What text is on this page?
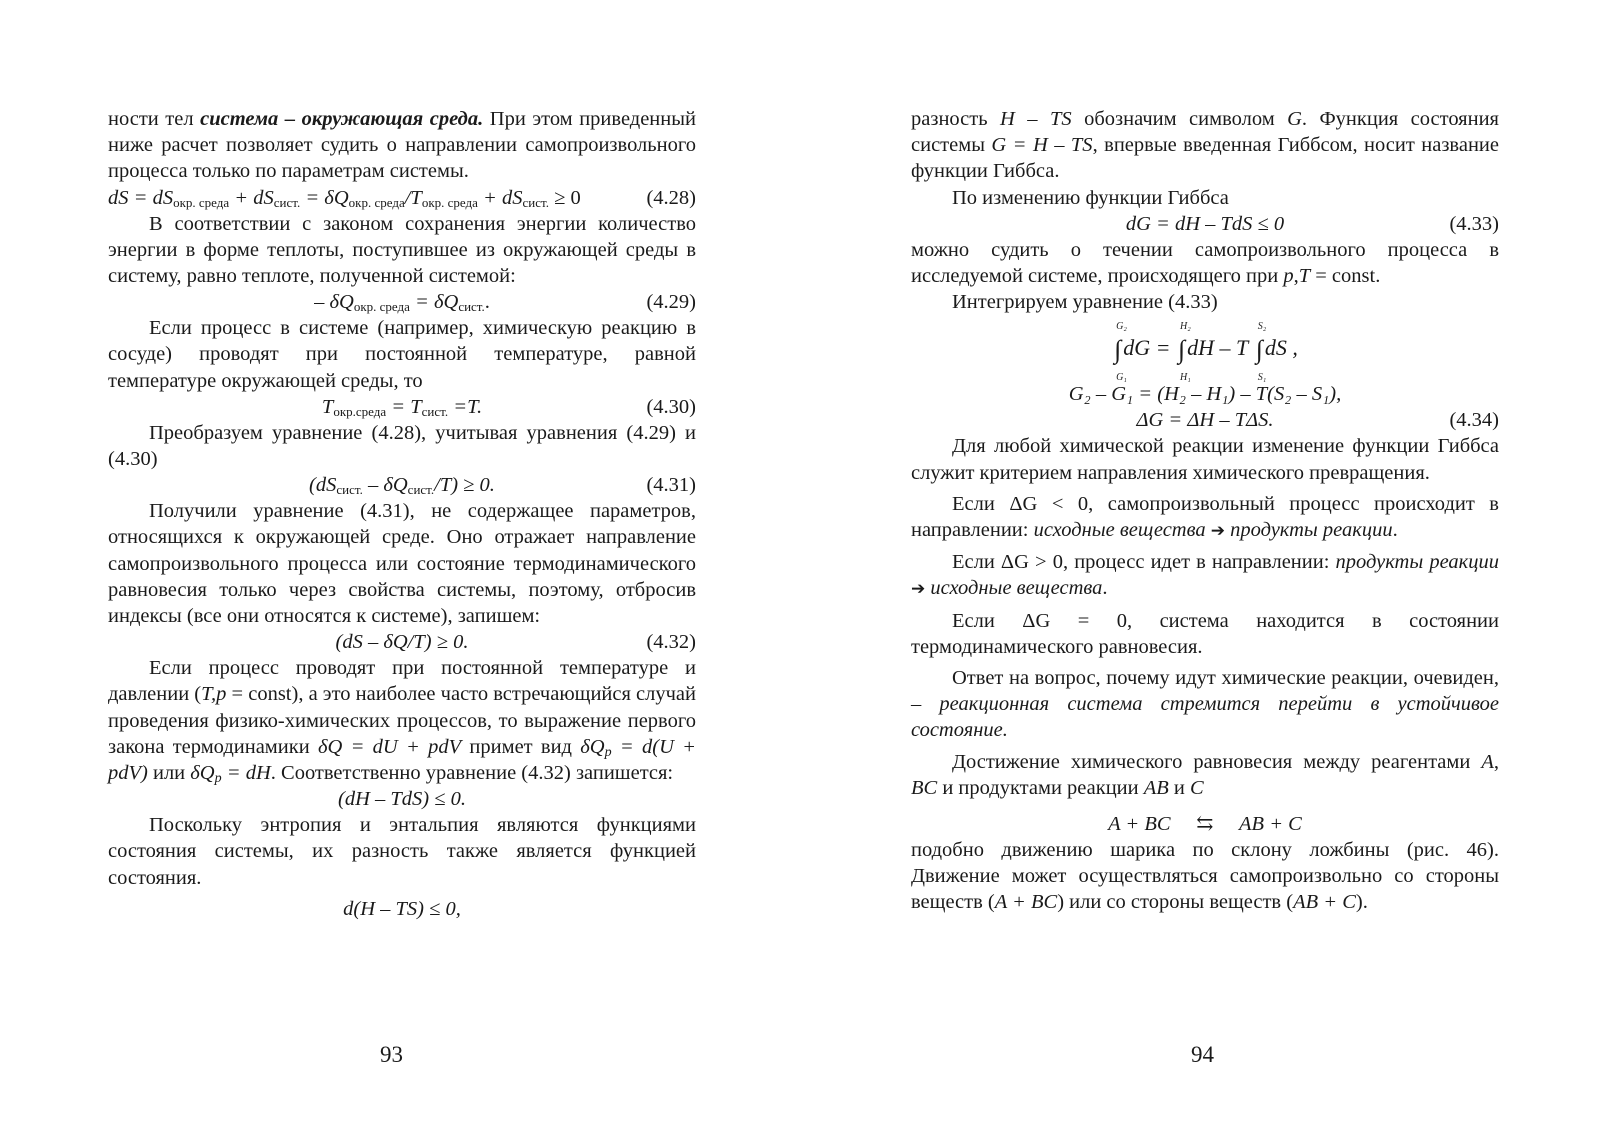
ности тел система – окружающая среда. При этом приведенный ниже расчет позволяет судить о направлении самопроизвольного процесса только по параметрам системы.

dS = $dS_{окр. среда} + dS_{сист.} = \delta Q_{окр. среда}/T_{окр. среда} + dS_{сист.} \ge 0$	(4.28)

В соответствии с законом сохранения энергии количество энергии в форме теплоты, поступившее из окружающей среды в систему, равно теплоте, полученной системой:

– $\delta Q_{окр. среда} = \delta Q_{сист.}$.	(4.29)

Если процесс в системе (например, химическую реакцию в сосуде) проводят при постоянной температуре, равной температуре окружающей среды, то

$T_{окр.среда} = T_{сист.} =T$.	(4.30)

Преобразуем уравнение (4.28), учитывая уравнения (4.29) и (4.30)

$(dS_{сист.} - \delta Q_{сист.}/T) \ge 0$.	(4.31)

Получили уравнение (4.31), не содержащее параметров, относящихся к окружающей среде. Оно отражает направление самопроизвольного процесса или состояние термодинамического равновесия только через свойства системы, поэтому, отбросив индексы (все они относятся к системе), запишем:

(dS – δQ/T) ≥ 0.	(4.32)

Если процесс проводят при постоянной температуре и давлении (T,p = const), а это наиболее часто встречающийся случай проведения физико-химических процессов, то выражение первого закона термодинамики δQ = dU + pdV примет вид $\delta Q_p = d(U + pdV)$ или $\delta Q_p$ = dH. Соответственно уравнение (4.32) запишется:

(dH – TdS) ≤ 0.

Поскольку энтропия и энтальпия являются функциями состояния системы, их разность также является функцией состояния.

d(H – TS) ≤ 0,
93

разность H – TS обозначим символом G. Функция состояния системы G = H – TS, впервые введенная Гиббсом, носит название функции Гиббса.

По изменению функции Гиббса

dG = dH – TdS ≤ 0	(4.33)

можно судить о течении самопроизвольного процесса в исследуемой системе, происходящего при p,T = const.

Интегрируем уравнение (4.33)

∫
G₂
G₁
dG = ∫
H₂
H₁
dH – T ∫
S₂
S₁
dS ,
G₂ – G₁ = (H₂ – H₁) – T(S₂ – S₁),
ΔG = ΔH – TΔS.	(4.34)

Для любой химической реакции изменение функции Гиббса служит критерием направления химического превращения.

Если ΔG < 0, самопроизвольный процесс происходит в направлении: исходные вещества ➔ продукты реакции.

Если ΔG > 0, процесс идет в направлении: продукты реакции ➔ исходные вещества.

Если ΔG = 0, система находится в состоянии термодинамического равновесия.

Ответ на вопрос, почему идут химические реакции, очевиден, – реакционная система стремится перейти в устойчивое состояние.

Достижение химического равновесия между реагентами A, BC и продуктами реакции AB и C

A + BC ⇆ AB + C

подобно движению шарика по склону ложбины (рис. 46). Движение может осуществляться самопроизвольно со стороны веществ (A + BC) или со стороны веществ (AB + C).

94
